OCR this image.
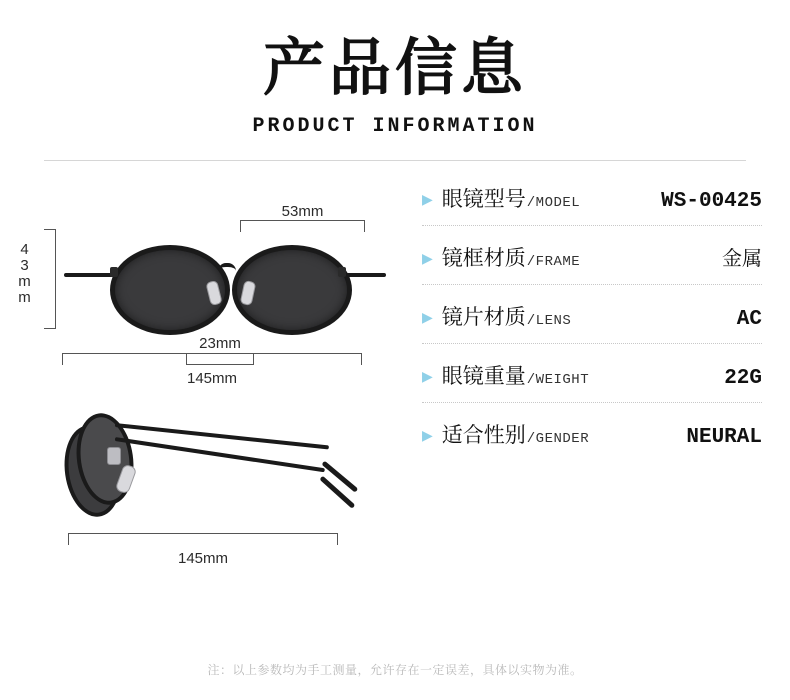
产品信息
PRODUCT INFORMATION
53mm
43mm
23mm
145mm
145mm
▶ 眼镜型号 /MODEL	WS-00425
▶ 镜框材质 /FRAME	金属
▶ 镜片材质 /LENS	AC
▶ 眼镜重量 /WEIGHT	22G
▶ 适合性别 /GENDER	NEURAL
注：以上参数均为手工测量，允许存在一定误差，具体以实物为准。
